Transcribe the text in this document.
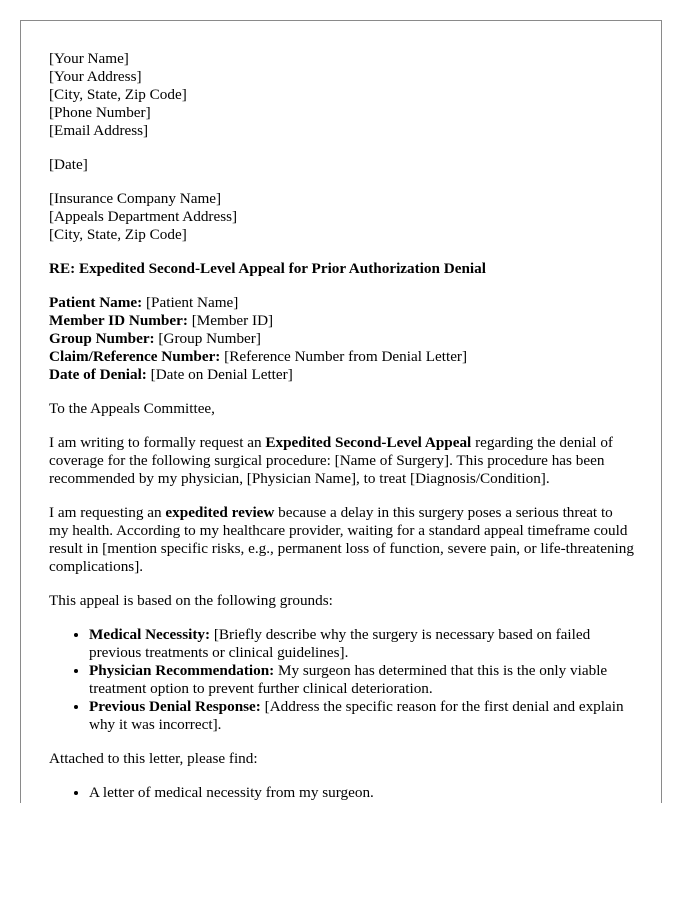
[Your Name]
[Your Address]
[City, State, Zip Code]
[Phone Number]
[Email Address]
[Date]
[Insurance Company Name]
[Appeals Department Address]
[City, State, Zip Code]
RE: Expedited Second-Level Appeal for Prior Authorization Denial
Patient Name: [Patient Name]
Member ID Number: [Member ID]
Group Number: [Group Number]
Claim/Reference Number: [Reference Number from Denial Letter]
Date of Denial: [Date on Denial Letter]

To the Appeals Committee,

I am writing to formally request an Expedited Second-Level Appeal regarding the denial of coverage for the following surgical procedure: [Name of Surgery]. This procedure has been recommended by my physician, [Physician Name], to treat [Diagnosis/Condition].

I am requesting an expedited review because a delay in this surgery poses a serious threat to my health. According to my healthcare provider, waiting for a standard appeal timeframe could result in [mention specific risks, e.g., permanent loss of function, severe pain, or life-threatening complications].

This appeal is based on the following grounds:

• Medical Necessity: [Briefly describe why the surgery is necessary based on failed previous treatments or clinical guidelines].
• Physician Recommendation: My surgeon has determined that this is the only viable treatment option to prevent further clinical deterioration.
• Previous Denial Response: [Address the specific reason for the first denial and explain why it was incorrect].

Attached to this letter, please find:

• A letter of medical necessity from my surgeon.
